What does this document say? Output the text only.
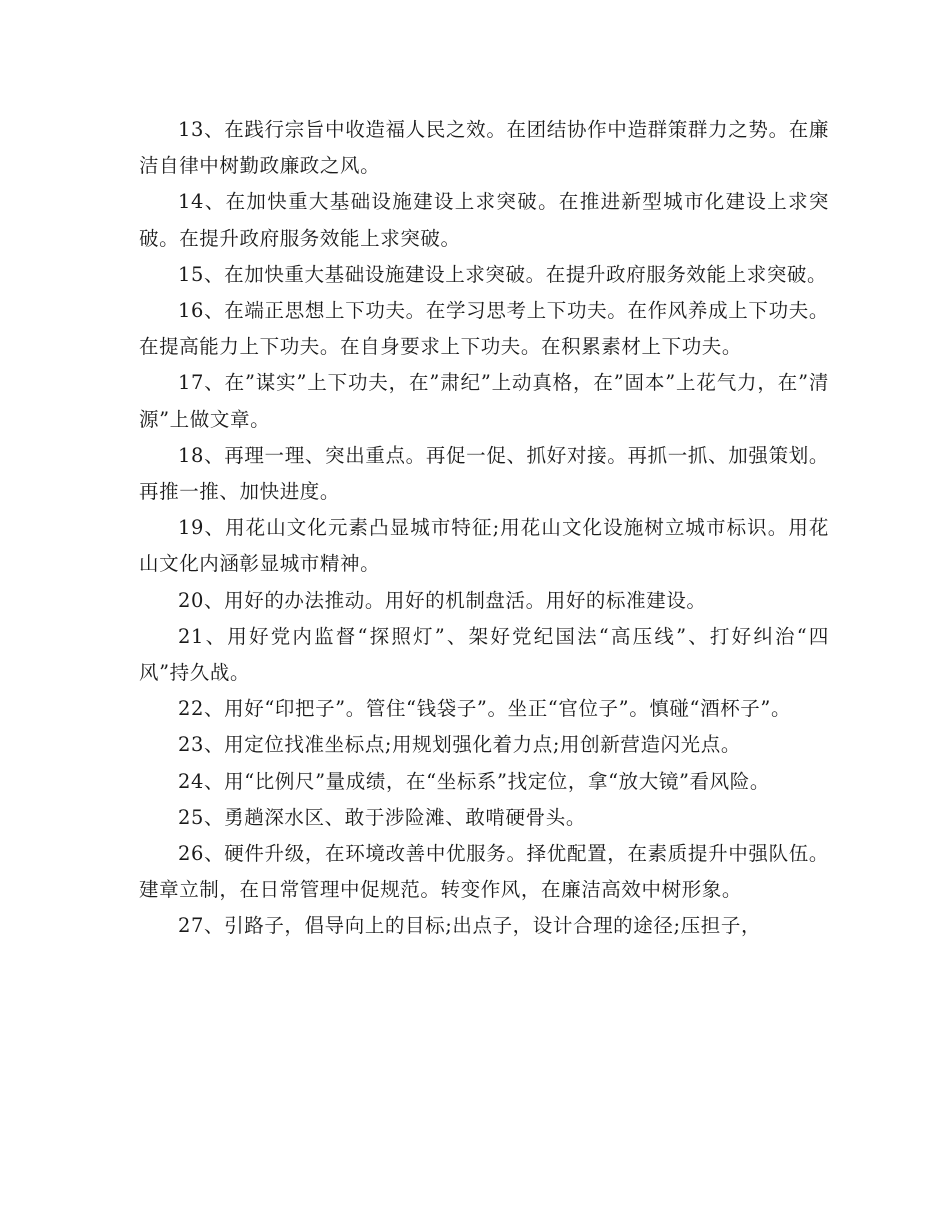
13、在践行宗旨中收造福人民之效。在团结协作中造群策群力之势。在廉洁自律中树勤政廉政之风。

14、在加快重大基础设施建设上求突破。在推进新型城市化建设上求突破。在提升政府服务效能上求突破。

15、在加快重大基础设施建设上求突破。在提升政府服务效能上求突破。

16、在端正思想上下功夫。在学习思考上下功夫。在作风养成上下功夫。在提高能力上下功夫。在自身要求上下功夫。在积累素材上下功夫。

17、在”谋实”上下功夫，在”肃纪”上动真格，在”固本”上花气力，在”清源”上做文章。

18、再理一理、突出重点。再促一促、抓好对接。再抓一抓、加强策划。再推一推、加快进度。

19、用花山文化元素凸显城市特征;用花山文化设施树立城市标识。用花山文化内涵彰显城市精神。

20、用好的办法推动。用好的机制盘活。用好的标准建设。

21、用好党内监督“探照灯”、架好党纪国法“高压线”、打好纠治“四风”持久战。

22、用好“印把子”。管住“钱袋子”。坐正“官位子”。慎碰“酒杯子”。

23、用定位找准坐标点;用规划强化着力点;用创新营造闪光点。

24、用“比例尺”量成绩，在“坐标系”找定位，拿“放大镜”看风险。

25、勇趟深水区、敢于涉险滩、敢啃硬骨头。

26、硬件升级，在环境改善中优服务。择优配置，在素质提升中强队伍。建章立制，在日常管理中促规范。转变作风，在廉洁高效中树形象。

27、引路子，倡导向上的目标;出点子，设计合理的途径;压担子，
